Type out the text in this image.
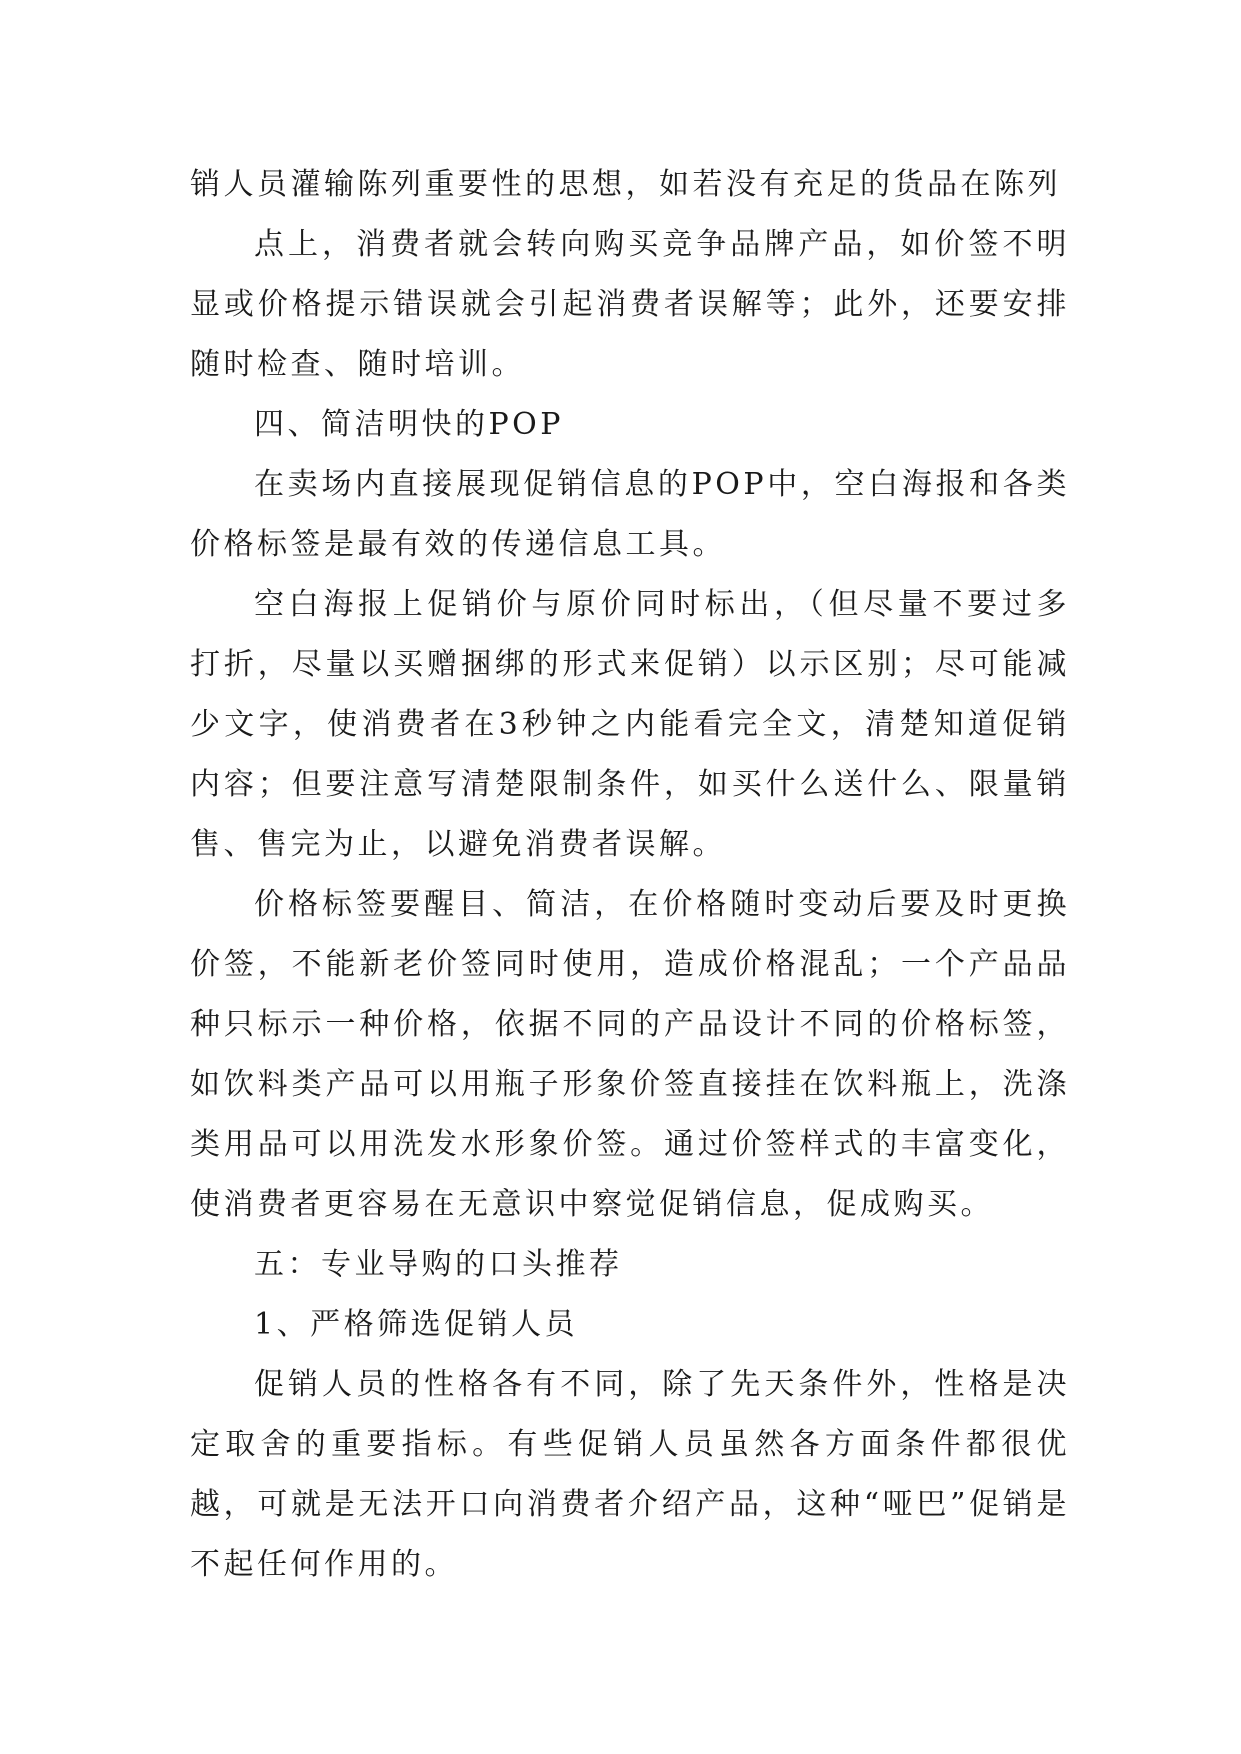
销人员灌输陈列重要性的思想，如若没有充足的货品在陈列

点上，消费者就会转向购买竞争品牌产品，如价签不明显或价格提示错误就会引起消费者误解等；此外，还要安排随时检查、随时培训。

四、简洁明快的POP

在卖场内直接展现促销信息的POP中，空白海报和各类价格标签是最有效的传递信息工具。

空白海报上促销价与原价同时标出，（但尽量不要过多打折，尽量以买赠捆绑的形式来促销）以示区别；尽可能减少文字，使消费者在3秒钟之内能看完全文，清楚知道促销内容；但要注意写清楚限制条件，如买什么送什么、限量销售、售完为止，以避免消费者误解。

价格标签要醒目、简洁，在价格随时变动后要及时更换价签，不能新老价签同时使用，造成价格混乱；一个产品品种只标示一种价格，依据不同的产品设计不同的价格标签，如饮料类产品可以用瓶子形象价签直接挂在饮料瓶上，洗涤类用品可以用洗发水形象价签。通过价签样式的丰富变化，使消费者更容易在无意识中察觉促销信息，促成购买。

五：专业导购的口头推荐

1、严格筛选促销人员

促销人员的性格各有不同，除了先天条件外，性格是决定取舍的重要指标。有些促销人员虽然各方面条件都很优越，可就是无法开口向消费者介绍产品，这种“哑巴”促销是不起任何作用的。
